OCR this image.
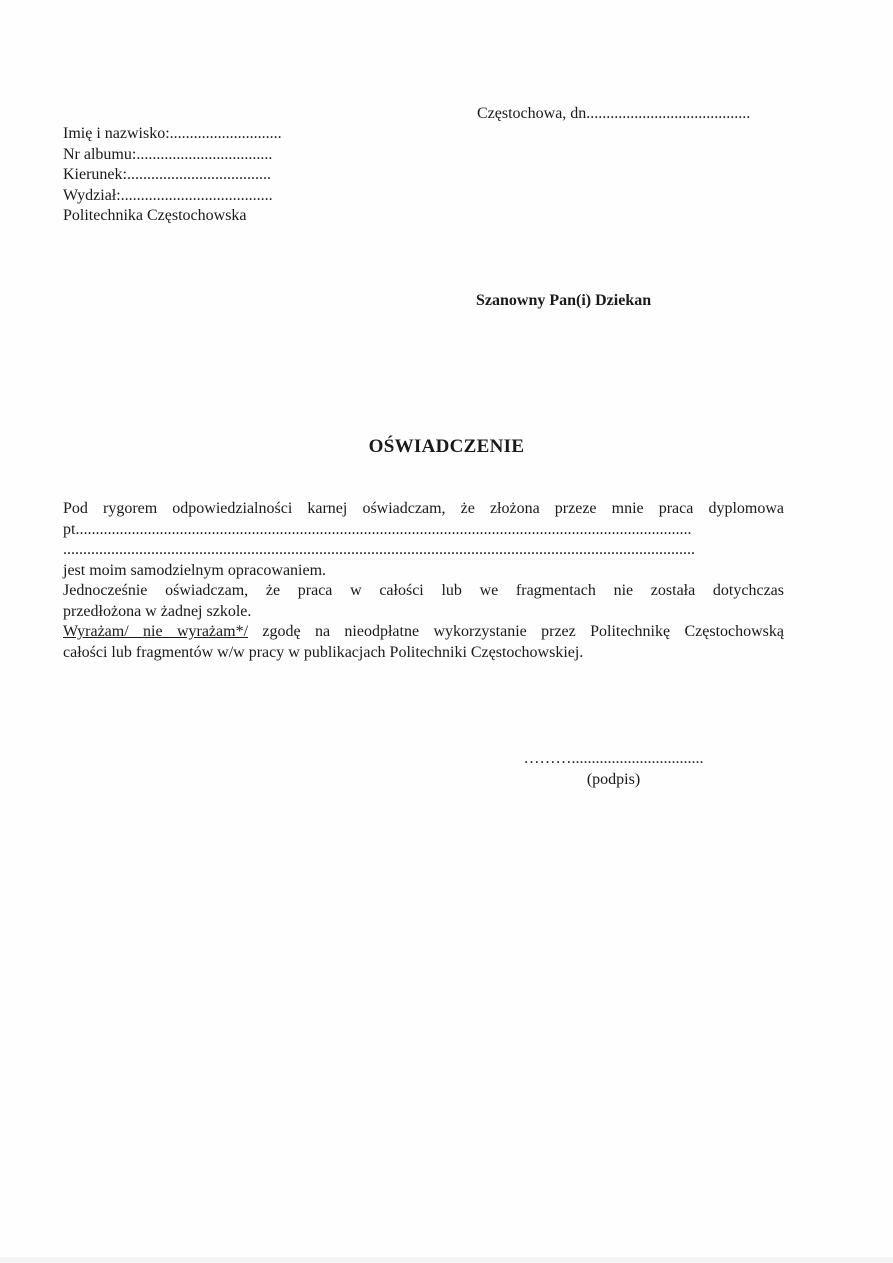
Częstochowa, dn.........................................
Imię i nazwisko:............................
Nr albumu:..................................
Kierunek:....................................
Wydział:......................................
Politechnika Częstochowska
Szanowny Pan(i) Dziekan
OŚWIADCZENIE
Pod rygorem odpowiedzialności karnej oświadczam, że złożona przeze mnie praca dyplomowa
pt..........................................................................................................................................................
..............................................................................................................................................................
jest moim samodzielnym opracowaniem.
Jednocześnie oświadczam, że praca w całości lub we fragmentach nie została dotychczas
przedłożona w żadnej szkole.
Wyrażam/ nie wyrażam*/ zgodę na nieodpłatne wykorzystanie przez Politechnikę Częstochowską
całości lub fragmentów w/w pracy w publikacjach Politechniki Częstochowskiej.
……….................................
(podpis)
